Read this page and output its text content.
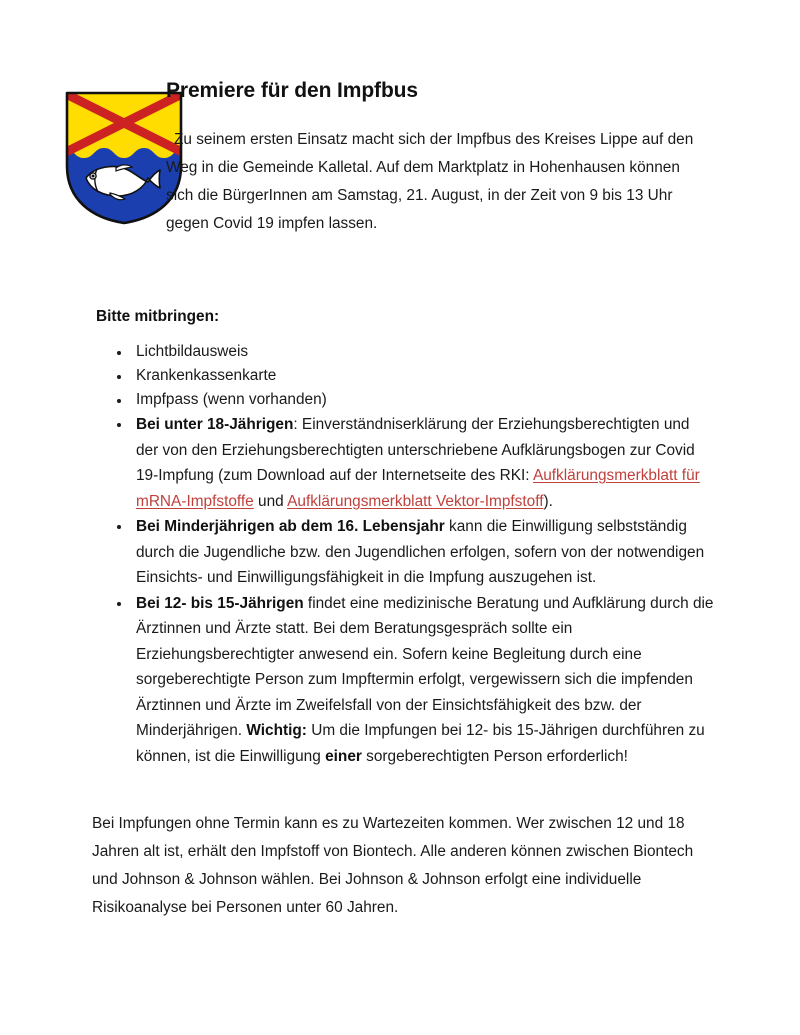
Premiere für den Impfbus

Zu seinem ersten Einsatz macht sich der Impfbus des Kreises Lippe auf den Weg in die Gemeinde Kalletal. Auf dem Marktplatz in Hohenhausen können sich die BürgerInnen am Samstag, 21. August, in der Zeit von 9 bis 13 Uhr gegen Covid 19 impfen lassen.

Bitte mitbringen:
Lichtbildausweis
Krankenkassenkarte
Impfpass (wenn vorhanden)
Bei unter 18-Jährigen: Einverständniserklärung der Erziehungsberechtigten und der von den Erziehungsberechtigten unterschriebene Aufklärungsbogen zur Covid 19-Impfung (zum Download auf der Internetseite des RKI: Aufklärungsmerkblatt für mRNA-Impfstoffe und Aufklärungsmerkblatt Vektor-Impfstoff).
Bei Minderjährigen ab dem 16. Lebensjahr kann die Einwilligung selbstständig durch die Jugendliche bzw. den Jugendlichen erfolgen, sofern von der notwendigen Einsichts- und Einwilligungsfähigkeit in die Impfung auszugehen ist.
Bei 12- bis 15-Jährigen findet eine medizinische Beratung und Aufklärung durch die Ärztinnen und Ärzte statt. Bei dem Beratungsgespräch sollte ein Erziehungsberechtigter anwesend ein. Sofern keine Begleitung durch eine sorgeberechtigte Person zum Impftermin erfolgt, vergewissern sich die impfenden Ärztinnen und Ärzte im Zweifelsfall von der Einsichtsfähigkeit des bzw. der Minderjährigen. Wichtig: Um die Impfungen bei 12- bis 15-Jährigen durchführen zu können, ist die Einwilligung einer sorgeberechtigten Person erforderlich!

Bei Impfungen ohne Termin kann es zu Wartezeiten kommen. Wer zwischen 12 und 18 Jahren alt ist, erhält den Impfstoff von Biontech. Alle anderen können zwischen Biontech und Johnson & Johnson wählen. Bei Johnson & Johnson erfolgt eine individuelle Risikoanalyse bei Personen unter 60 Jahren.
